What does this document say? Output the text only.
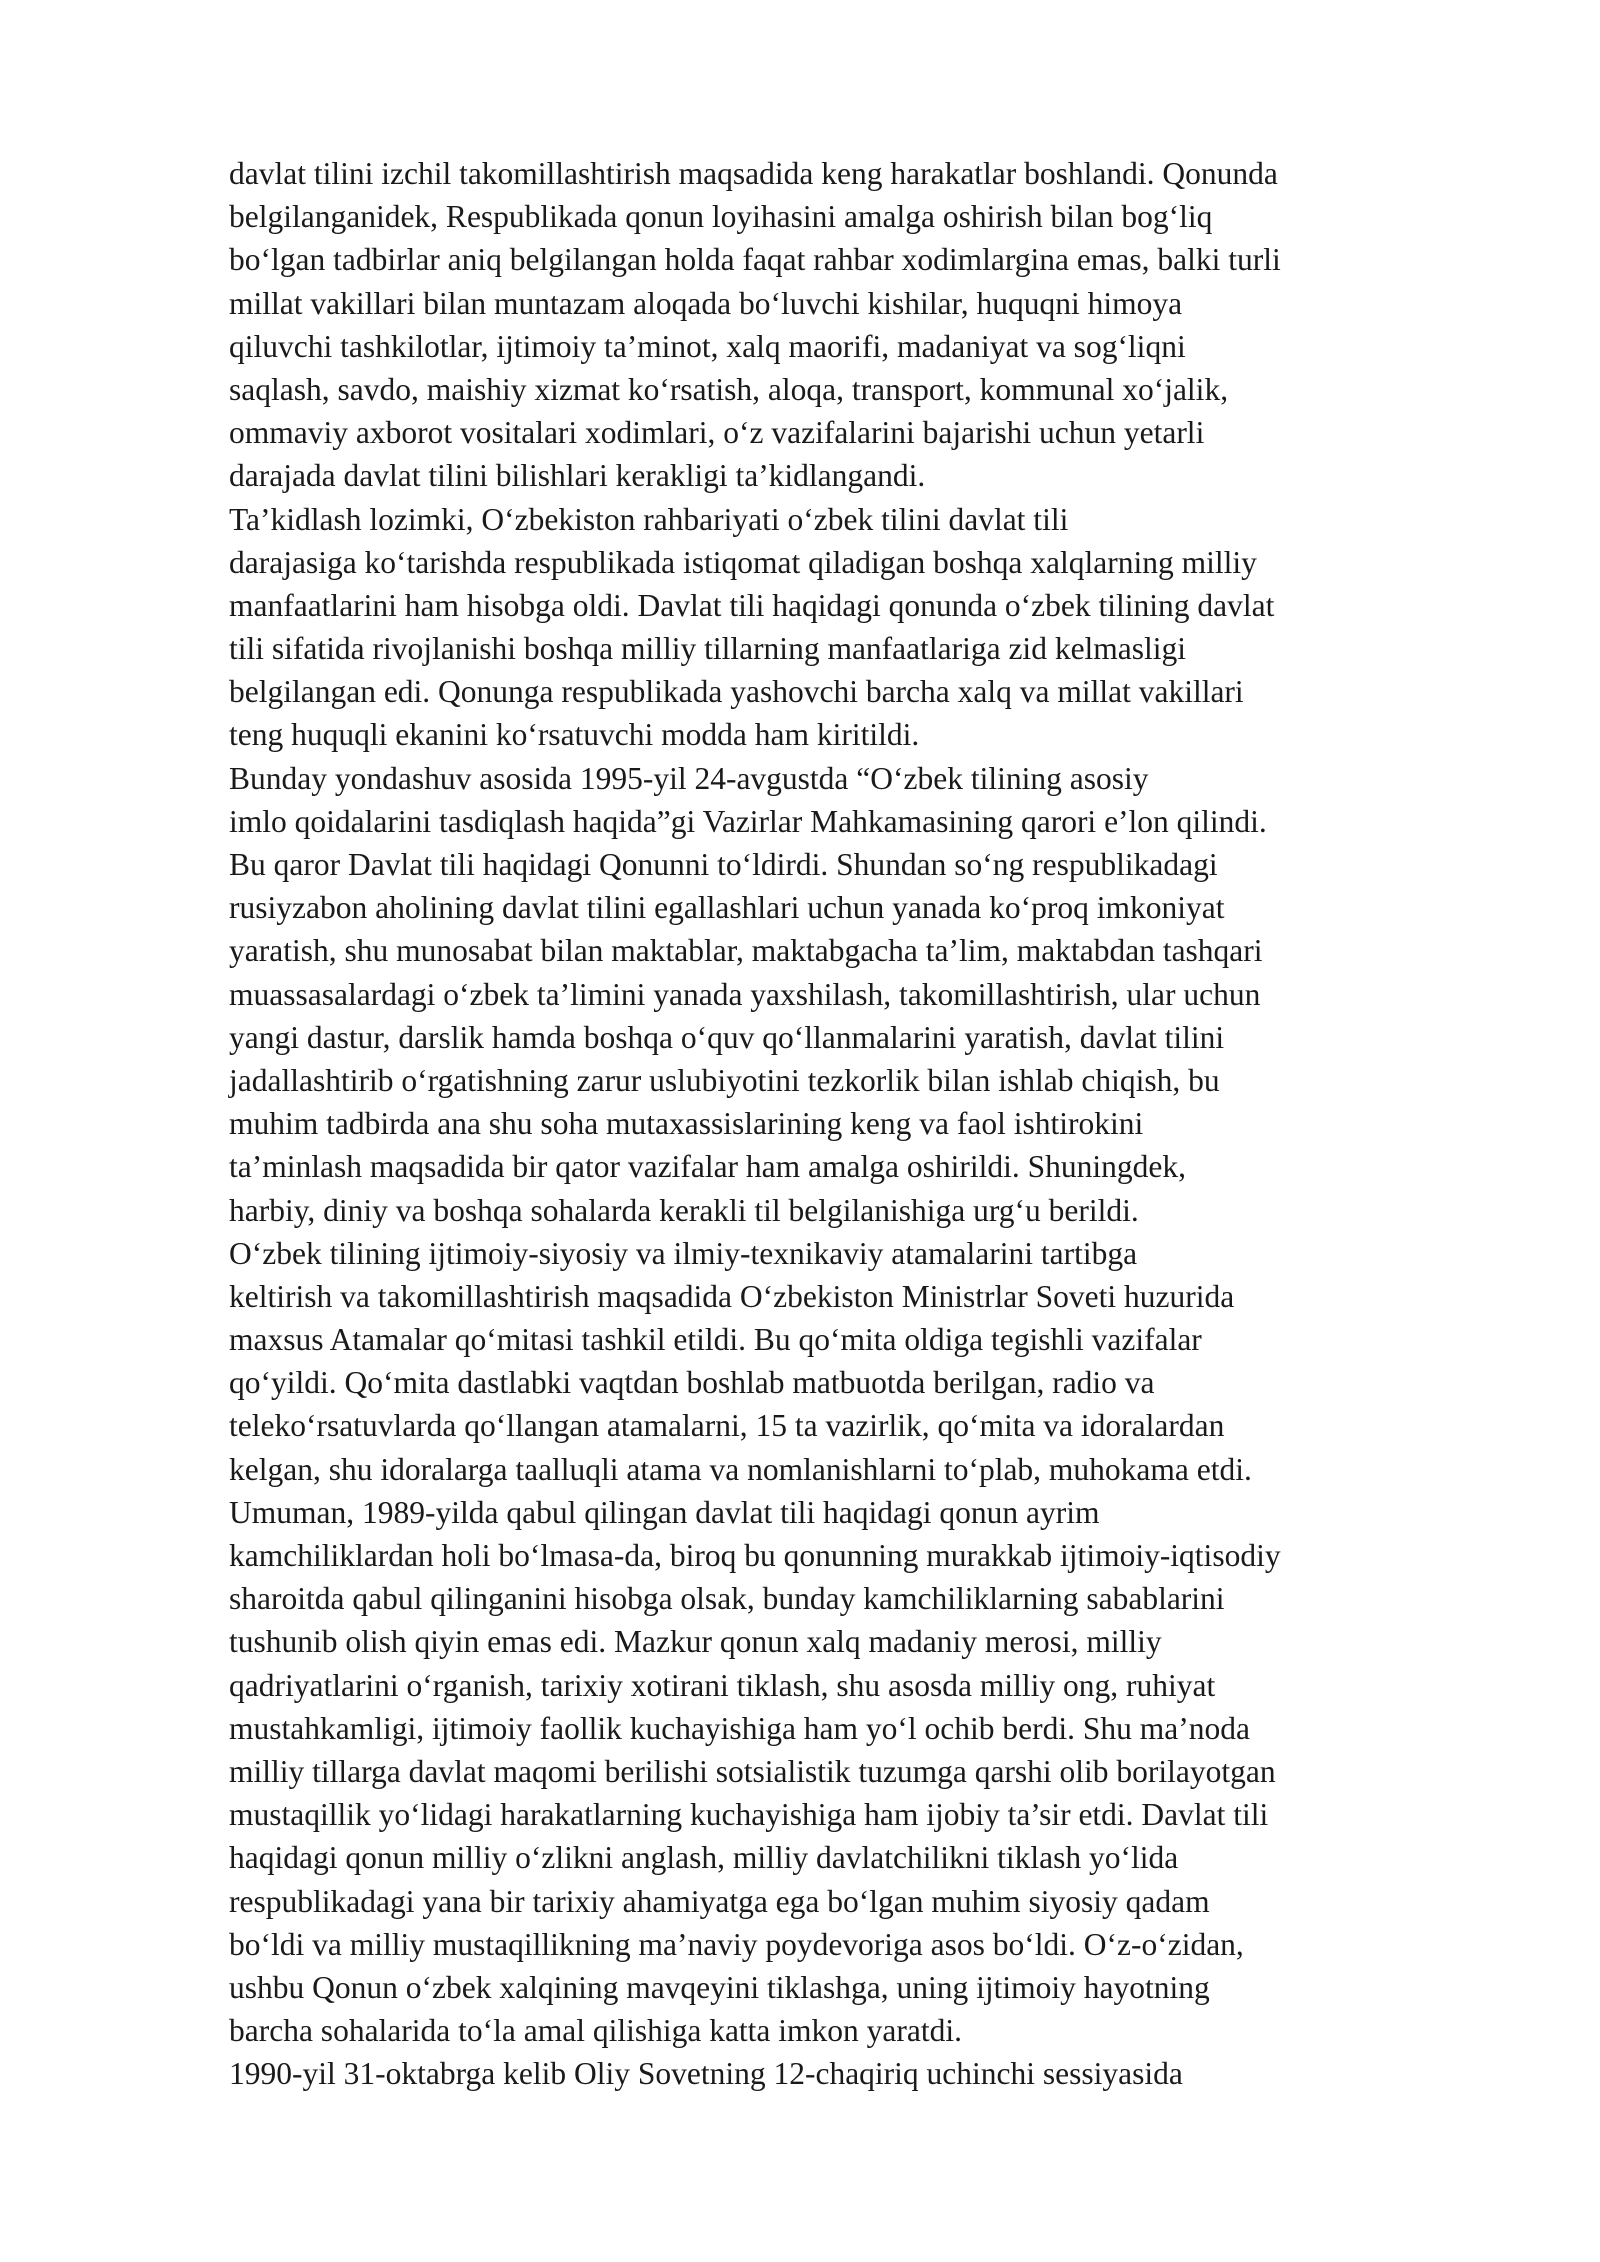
davlat tilini izchil takomillashtirish maqsadida keng harakatlar boshlandi. Qonunda
belgilanganidek, Respublikada qonun loyihasini amalga oshirish bilan bog‘liq
bo‘lgan tadbirlar aniq belgilangan holda faqat rahbar xodimlargina emas, balki turli
millat vakillari bilan muntazam aloqada bo‘luvchi kishilar, huquqni himoya
qiluvchi tashkilotlar, ijtimoiy ta’minot, xalq maorifi, madaniyat va sog‘liqni
saqlash, savdo, maishiy xizmat ko‘rsatish, aloqa, transport, kommunal xo‘jalik,
ommaviy axborot vositalari xodimlari, o‘z vazifalarini bajarishi uchun yetarli
darajada davlat tilini bilishlari kerakligi ta’kidlangandi.
Ta’kidlash lozimki, O‘zbekiston rahbariyati o‘zbek tilini davlat tili
darajasiga ko‘tarishda respublikada istiqomat qiladigan boshqa xalqlarning milliy
manfaatlarini ham hisobga oldi. Davlat tili haqidagi qonunda o‘zbek tilining davlat
tili sifatida rivojlanishi boshqa milliy tillarning manfaatlariga zid kelmasligi
belgilangan edi. Qonunga respublikada yashovchi barcha xalq va millat vakillari
teng huquqli ekanini ko‘rsatuvchi modda ham kiritildi.
Bunday yondashuv asosida 1995-yil 24-avgustda “O‘zbek tilining asosiy
imlo qoidalarini tasdiqlash haqida”gi Vazirlar Mahkamasining qarori e’lon qilindi.
Bu qaror Davlat tili haqidagi Qonunni to‘ldirdi. Shundan so‘ng respublikadagi
rusiyzabon aholining davlat tilini egallashlari uchun yanada ko‘proq imkoniyat
yaratish, shu munosabat bilan maktablar, maktabgacha ta’lim, maktabdan tashqari
muassasalardagi o‘zbek ta’limini yanada yaxshilash, takomillashtirish, ular uchun
yangi dastur, darslik hamda boshqa o‘quv qo‘llanmalarini yaratish, davlat tilini
jadallashtirib o‘rgatishning zarur uslubiyotini tezkorlik bilan ishlab chiqish, bu
muhim tadbirda ana shu soha mutaxassislarining keng va faol ishtirokini
ta’minlash maqsadida bir qator vazifalar ham amalga oshirildi. Shuningdek,
harbiy, diniy va boshqa sohalarda kerakli til belgilanishiga urg‘u berildi.
O‘zbek tilining ijtimoiy-siyosiy va ilmiy-texnikaviy atamalarini tartibga
keltirish va takomillashtirish maqsadida O‘zbekiston Ministrlar Soveti huzurida
maxsus Atamalar qo‘mitasi tashkil etildi. Bu qo‘mita oldiga tegishli vazifalar
qo‘yildi. Qo‘mita dastlabki vaqtdan boshlab matbuotda berilgan, radio va
teleko‘rsatuvlarda qo‘llangan atamalarni, 15 ta vazirlik, qo‘mita va idoralardan
kelgan, shu idoralarga taalluqli atama va nomlanishlarni to‘plab, muhokama etdi.
Umuman, 1989-yilda qabul qilingan davlat tili haqidagi qonun ayrim
kamchiliklardan holi bo‘lmasa-da, biroq bu qonunning murakkab ijtimoiy-iqtisodiy
sharoitda qabul qilinganini hisobga olsak, bunday kamchiliklarning sabablarini
tushunib olish qiyin emas edi. Mazkur qonun xalq madaniy merosi, milliy
qadriyatlarini o‘rganish, tarixiy xotirani tiklash, shu asosda milliy ong, ruhiyat
mustahkamligi, ijtimoiy faollik kuchayishiga ham yo‘l ochib berdi. Shu ma’noda
milliy tillarga davlat maqomi berilishi sotsialistik tuzumga qarshi olib borilayotgan
mustaqillik yo‘lidagi harakatlarning kuchayishiga ham ijobiy ta’sir etdi. Davlat tili
haqidagi qonun milliy o‘zlikni anglash, milliy davlatchilikni tiklash yo‘lida
respublikadagi yana bir tarixiy ahamiyatga ega bo‘lgan muhim siyosiy qadam
bo‘ldi va milliy mustaqillikning ma’naviy poydevoriga asos bo‘ldi. O‘z-o‘zidan,
ushbu Qonun o‘zbek xalqining mavqeyini tiklashga, uning ijtimoiy hayotning
barcha sohalarida to‘la amal qilishiga katta imkon yaratdi.
1990-yil 31-oktabrga kelib Oliy Sovetning 12-chaqiriq uchinchi sessiyasida
